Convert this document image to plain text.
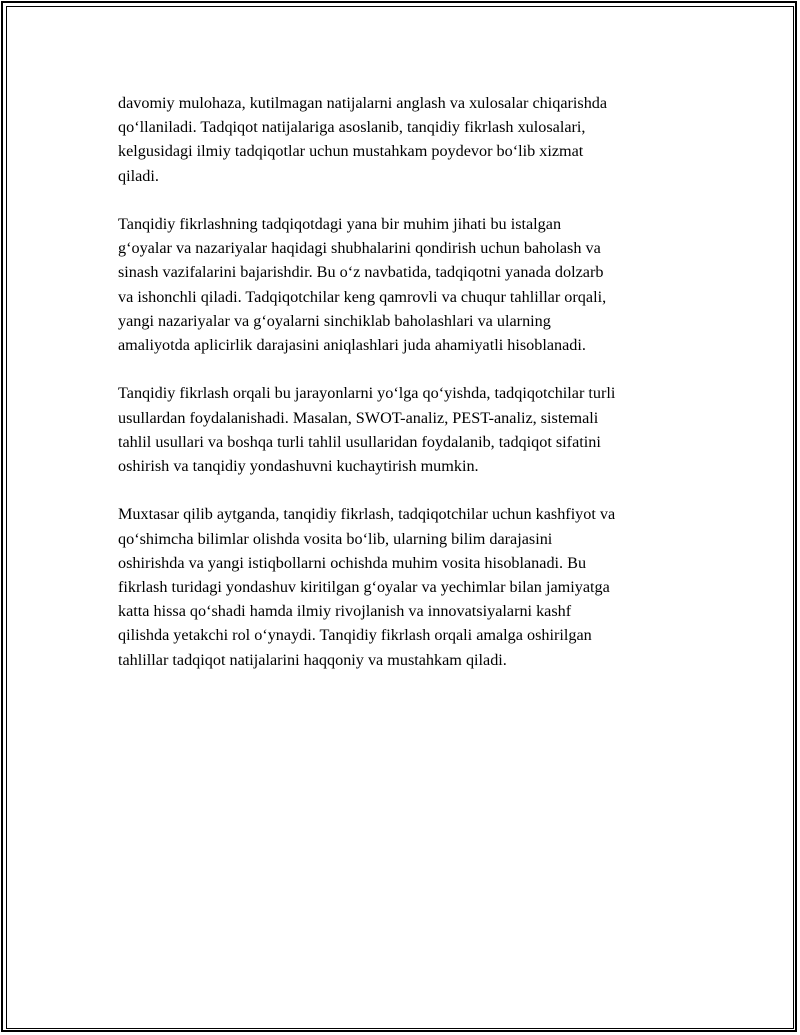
davomiy mulohaza, kutilmagan natijalarni anglash va xulosalar chiqarishda
qo‘llaniladi. Tadqiqot natijalariga asoslanib, tanqidiy fikrlash xulosalari,
kelgusidagi ilmiy tadqiqotlar uchun mustahkam poydevor bo‘lib xizmat
qiladi.

Tanqidiy fikrlashning tadqiqotdagi yana bir muhim jihati bu istalgan
g‘oyalar va nazariyalar haqidagi shubhalarini qondirish uchun baholash va
sinash vazifalarini bajarishdir. Bu o‘z navbatida, tadqiqotni yanada dolzarb
va ishonchli qiladi. Tadqiqotchilar keng qamrovli va chuqur tahlillar orqali,
yangi nazariyalar va g‘oyalarni sinchiklab baholashlari va ularning
amaliyotda aplicirlik darajasini aniqlashlari juda ahamiyatli hisoblanadi.

Tanqidiy fikrlash orqali bu jarayonlarni yo‘lga qo‘yishda, tadqiqotchilar turli
usullardan foydalanishadi. Masalan, SWOT-analiz, PEST-analiz, sistemali
tahlil usullari va boshqa turli tahlil usullaridan foydalanib, tadqiqot sifatini
oshirish va tanqidiy yondashuvni kuchaytirish mumkin.

Muxtasar qilib aytganda, tanqidiy fikrlash, tadqiqotchilar uchun kashfiyot va
qo‘shimcha bilimlar olishda vosita bo‘lib, ularning bilim darajasini
oshirishda va yangi istiqbollarni ochishda muhim vosita hisoblanadi. Bu
fikrlash turidagi yondashuv kiritilgan g‘oyalar va yechimlar bilan jamiyatga
katta hissa qo‘shadi hamda ilmiy rivojlanish va innovatsiyalarni kashf
qilishda yetakchi rol o‘ynaydi. Tanqidiy fikrlash orqali amalga oshirilgan
tahlillar tadqiqot natijalarini haqqoniy va mustahkam qiladi.
